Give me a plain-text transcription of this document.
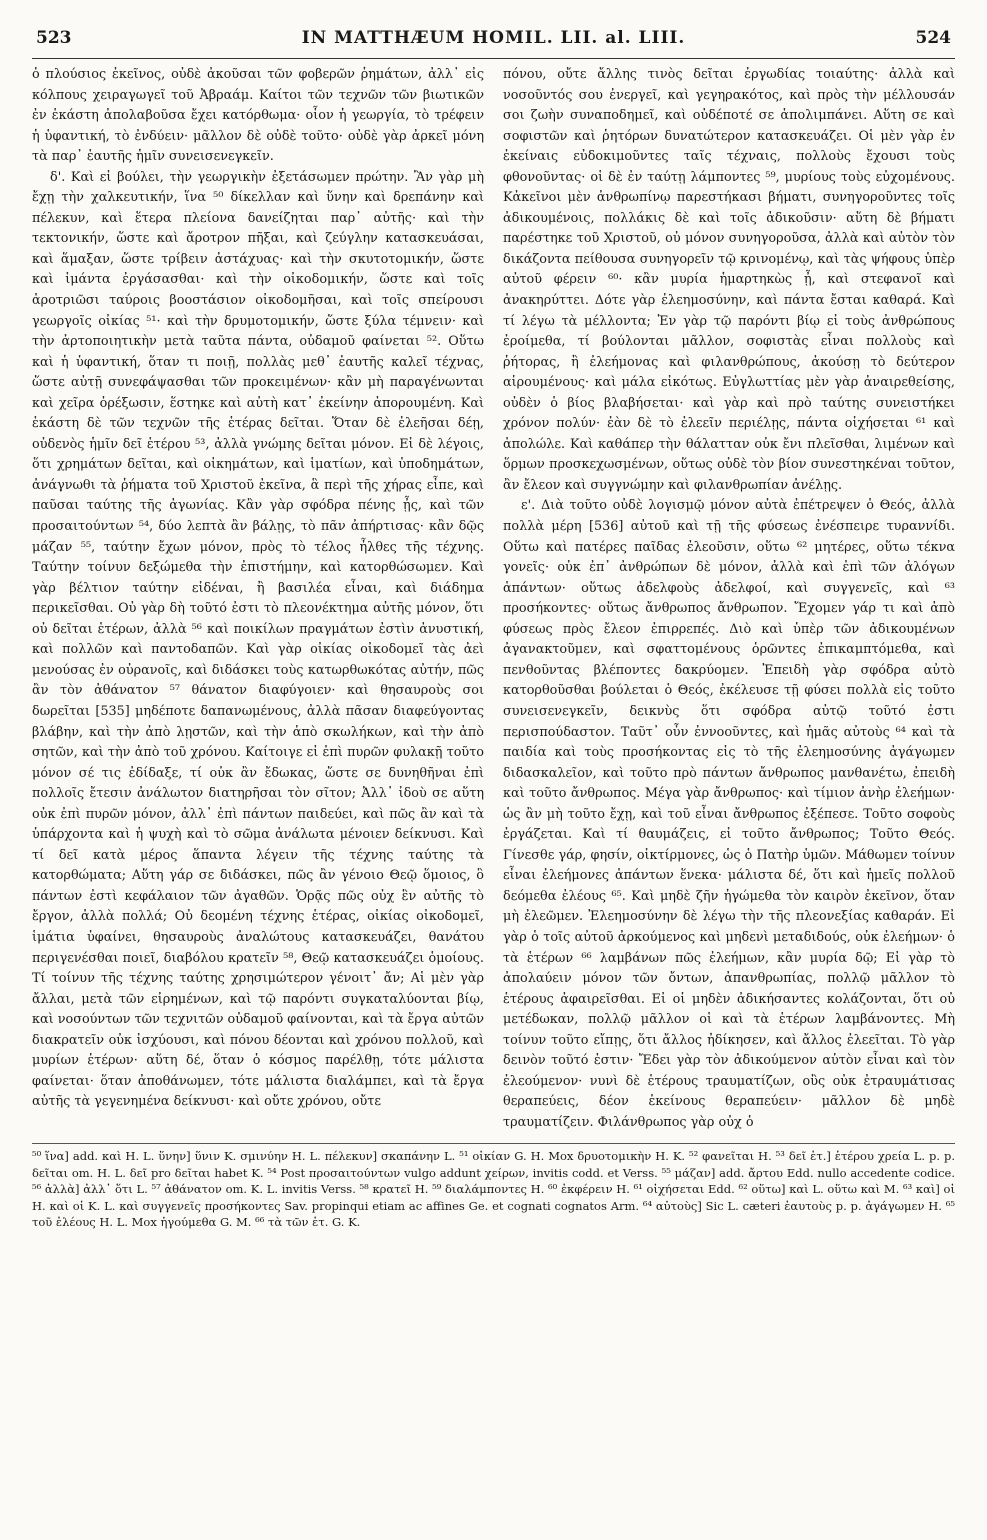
523	IN MATTHÆUM HOMIL. LII. al. LIII.	524

ὁ πλούσιος ἐκεῖνος, οὐδὲ ἀκοῦσαι τῶν φοβερῶν ῥημάτων, ἀλλ᾽ εἰς κόλπους χειραγωγεῖ τοῦ Ἀβραάμ. Καίτοι τῶν τεχνῶν τῶν βιωτικῶν ἐν ἑκάστη ἀπολαβοῦσα ἔχει κατόρθωμα· οἷον ἡ γεωργία, τὸ τρέφειν ἡ ὑφαντική, τὸ ἐνδύειν· μᾶλλον δὲ οὐδὲ τοῦτο· οὐδὲ γὰρ ἀρκεῖ μόνη τὰ παρ᾽ ἑαυτῆς ἡμῖν συνεισενεγκεῖν.

δ'. Καὶ εἰ βούλει, τὴν γεωργικὴν ἐξετάσωμεν πρώτην. Ἂν γὰρ μὴ ἔχῃ τὴν χαλκευτικήν, ἵνα ⁵⁰ δίκελλαν καὶ ὕνην καὶ δρεπάνην καὶ πέλεκυν, καὶ ἕτερα πλείονα δανείζηται παρ᾽ αὐτῆς· καὶ τὴν τεκτονικήν, ὥστε καὶ ἄροτρον πῆξαι, καὶ ζεύγλην κατασκευάσαι, καὶ ἅμαξαν, ὥστε τρίβειν ἀστάχυας· καὶ τὴν σκυτοτομικήν, ὥστε καὶ ἱμάντα ἐργάσασθαι· καὶ τὴν οἰκοδομικήν, ὥστε καὶ τοῖς ἀροτριῶσι ταύροις βοοστάσιον οἰκοδομῆσαι, καὶ τοῖς σπείρουσι γεωργοῖς οἰκίας ⁵¹· καὶ τὴν δρυμοτομικήν, ὥστε ξύλα τέμνειν· καὶ τὴν ἀρτοποιητικὴν μετὰ ταῦτα πάντα, οὐδαμοῦ φαίνεται ⁵². Οὕτω καὶ ἡ ὑφαντική, ὅταν τι ποιῇ, πολλὰς μεθ᾽ ἑαυτῆς καλεῖ τέχνας, ὥστε αὐτῇ συνεφάψασθαι τῶν προκειμένων· κἂν μὴ παραγένωνται καὶ χεῖρα ὀρέξωσιν, ἕστηκε καὶ αὐτὴ κατ᾽ ἐκείνην ἀπορουμένη. Καὶ ἑκάστη δὲ τῶν τεχνῶν τῆς ἑτέρας δεῖται. Ὅταν δὲ ἐλεῆσαι δέῃ, οὐδενὸς ἡμῖν δεῖ ἑτέρου ⁵³, ἀλλὰ γνώμης δεῖται μόνον. Εἰ δὲ λέγοις, ὅτι χρημάτων δεῖται, καὶ οἰκημάτων, καὶ ἱματίων, καὶ ὑποδημάτων, ἀνάγνωθι τὰ ῥήματα τοῦ Χριστοῦ ἐκεῖνα, ἃ περὶ τῆς χήρας εἶπε, καὶ παῦσαι ταύτης τῆς ἀγωνίας. Κἂν γὰρ σφόδρα πένης ᾖς, καὶ τῶν προσαιτούντων ⁵⁴, δύο λεπτὰ ἂν βάλῃς, τὸ πᾶν ἀπήρτισας· κἂν δῷς μάζαν ⁵⁵, ταύτην ἔχων μόνον, πρὸς τὸ τέλος ἦλθες τῆς τέχνης. Ταύτην τοίνυν δεξώμεθα τὴν ἐπιστήμην, καὶ κατορθώσωμεν. Καὶ γὰρ βέλτιον ταύτην εἰδέναι, ἢ βασιλέα εἶναι, καὶ διάδημα περικεῖσθαι. Οὐ γὰρ δὴ τοῦτό ἐστι τὸ πλεονέκτημα αὐτῆς μόνον, ὅτι οὐ δεῖται ἑτέρων, ἀλλὰ ⁵⁶ καὶ ποικίλων πραγμάτων ἐστὶν ἀνυστική, καὶ πολλῶν καὶ παντοδαπῶν. Καὶ γὰρ οἰκίας οἰκοδομεῖ τὰς ἀεὶ μενούσας ἐν οὐρανοῖς, καὶ διδάσκει τοὺς κατωρθωκότας αὐτήν, πῶς ἂν τὸν ἀθάνατον ⁵⁷ θάνατον διαφύγοιεν· καὶ θησαυροὺς σοι δωρεῖται [535] μηδέποτε δαπανωμένους, ἀλλὰ πᾶσαν διαφεύγοντας βλάβην, καὶ τὴν ἀπὸ λῃστῶν, καὶ τὴν ἀπὸ σκωλήκων, καὶ τὴν ἀπὸ σητῶν, καὶ τὴν ἀπὸ τοῦ χρόνου. Καίτοιγε εἰ ἐπὶ πυρῶν φυλακῇ τοῦτο μόνον σέ τις ἐδίδαξε, τί οὐκ ἂν ἔδωκας, ὥστε σε δυνηθῆναι ἐπὶ πολλοῖς ἔτεσιν ἀνάλωτον διατηρῆσαι τὸν σῖτον; Ἀλλ᾽ ἰδοὺ σε αὕτη οὐκ ἐπὶ πυρῶν μόνον, ἀλλ᾽ ἐπὶ πάντων παιδεύει, καὶ πῶς ἂν καὶ τὰ ὑπάρχοντα καὶ ἡ ψυχὴ καὶ τὸ σῶμα ἀνάλωτα μένοιεν δείκνυσι. Καὶ τί δεῖ κατὰ μέρος ἅπαντα λέγειν τῆς τέχνης ταύτης τὰ κατορθώματα; Αὕτη γάρ σε διδάσκει, πῶς ἂν γένοιο Θεῷ ὅμοιος, ὃ πάντων ἐστὶ κεφάλαιον τῶν ἀγαθῶν. Ὁρᾷς πῶς οὐχ ἓν αὐτῆς τὸ ἔργον, ἀλλὰ πολλά; Οὐ δεομένη τέχνης ἑτέρας, οἰκίας οἰκοδομεῖ, ἱμάτια ὑφαίνει, θησαυροὺς ἀναλώτους κατασκευάζει, θανάτου περιγενέσθαι ποιεῖ, διαβόλου κρατεῖν ⁵⁸, Θεῷ κατασκευάζει ὁμοίους. Τί τοίνυν τῆς τέχνης ταύτης χρησιμώτερον γένοιτ᾽ ἄν; Αἱ μὲν γὰρ ἄλλαι, μετὰ τῶν εἰρημένων, καὶ τῷ παρόντι συγκαταλύονται βίῳ, καὶ νοσούντων τῶν τεχνιτῶν οὐδαμοῦ φαίνονται, καὶ τὰ ἔργα αὐτῶν διακρατεῖν οὐκ ἰσχύουσι, καὶ πόνου δέονται καὶ χρόνου πολλοῦ, καὶ μυρίων ἑτέρων· αὕτη δέ, ὅταν ὁ κόσμος παρέλθῃ, τότε μάλιστα φαίνεται· ὅταν ἀποθάνωμεν, τότε μάλιστα διαλάμπει, καὶ τὰ ἔργα αὐτῆς τὰ γεγενημένα δείκνυσι· καὶ οὔτε χρόνου, οὔτε

πόνου, οὔτε ἄλλης τινὸς δεῖται ἐργωδίας τοιαύτης· ἀλλὰ καὶ νοσοῦντός σου ἐνεργεῖ, καὶ γεγηρακότος, καὶ πρὸς τὴν μέλλουσάν σοι ζωὴν συναποδημεῖ, καὶ οὐδέποτέ σε ἀπολιμπάνει. Αὕτη σε καὶ σοφιστῶν καὶ ῥητόρων δυνατώτερον κατασκευάζει. Οἱ μὲν γὰρ ἐν ἐκείναις εὐδοκιμοῦντες ταῖς τέχναις, πολλοὺς ἔχουσι τοὺς φθονοῦντας· οἱ δὲ ἐν ταύτῃ λάμποντες ⁵⁹, μυρίους τοὺς εὐχομένους. Κἀκεῖνοι μὲν ἀνθρωπίνῳ παρεστήκασι βήματι, συνηγοροῦντες τοῖς ἀδικουμένοις, πολλάκις δὲ καὶ τοῖς ἀδικοῦσιν· αὕτη δὲ βήματι παρέστηκε τοῦ Χριστοῦ, οὐ μόνον συνηγοροῦσα, ἀλλὰ καὶ αὐτὸν τὸν δικάζοντα πείθουσα συνηγορεῖν τῷ κρινομένῳ, καὶ τὰς ψήφους ὑπὲρ αὐτοῦ φέρειν ⁶⁰· κἂν μυρία ἡμαρτηκὼς ᾖ, καὶ στεφανοῖ καὶ ἀνακηρύττει. Δότε γὰρ ἐλεημοσύνην, καὶ πάντα ἔσται καθαρά. Καὶ τί λέγω τὰ μέλλοντα; Ἐν γὰρ τῷ παρόντι βίῳ εἰ τοὺς ἀνθρώπους ἐροίμεθα, τί βούλονται μᾶλλον, σοφιστὰς εἶναι πολλοὺς καὶ ῥήτορας, ἢ ἐλεήμονας καὶ φιλανθρώπους, ἀκούσῃ τὸ δεύτερον αἱρουμένους· καὶ μάλα εἰκότως. Εὐγλωττίας μὲν γὰρ ἀναιρεθείσης, οὐδὲν ὁ βίος βλαβήσεται· καὶ γὰρ καὶ πρὸ ταύτης συνειστήκει χρόνον πολύν· ἐὰν δὲ τὸ ἐλεεῖν περιέλῃς, πάντα οἰχήσεται ⁶¹ καὶ ἀπολώλε. Καὶ καθάπερ τὴν θάλατταν οὐκ ἔνι πλεῖσθαι, λιμένων καὶ ὅρμων προσκεχωσμένων, οὕτως οὐδὲ τὸν βίον συνεστηκέναι τοῦτον, ἂν ἔλεον καὶ συγγνώμην καὶ φιλανθρωπίαν ἀνέλῃς.

ε'. Διὰ τοῦτο οὐδὲ λογισμῷ μόνον αὐτὰ ἐπέτρεψεν ὁ Θεός, ἀλλὰ πολλὰ μέρη [536] αὐτοῦ καὶ τῇ τῆς φύσεως ἐνέσπειρε τυραννίδι. Οὕτω καὶ πατέρες παῖδας ἐλεοῦσιν, οὕτω ⁶² μητέρες, οὕτω τέκνα γονεῖς· οὐκ ἐπ᾽ ἀνθρώπων δὲ μόνον, ἀλλὰ καὶ ἐπὶ τῶν ἀλόγων ἁπάντων· οὕτως ἀδελφοὺς ἀδελφοί, καὶ συγγενεῖς, καὶ ⁶³ προσήκοντες· οὕτως ἄνθρωπος ἄνθρωπον. Ἔχομεν γάρ τι καὶ ἀπὸ φύσεως πρὸς ἔλεον ἐπιρρεπές. Διὸ καὶ ὑπὲρ τῶν ἀδικουμένων ἀγανακτοῦμεν, καὶ σφαττομένους ὁρῶντες ἐπικαμπτόμεθα, καὶ πενθοῦντας βλέποντες δακρύομεν. Ἐπειδὴ γὰρ σφόδρα αὐτὸ κατορθοῦσθαι βούλεται ὁ Θεός, ἐκέλευσε τῇ φύσει πολλὰ εἰς τοῦτο συνεισενεγκεῖν, δεικνὺς ὅτι σφόδρα αὐτῷ τοῦτό ἐστι περισπούδαστον. Ταῦτ᾽ οὖν ἐννοοῦντες, καὶ ἡμᾶς αὐτοὺς ⁶⁴ καὶ τὰ παιδία καὶ τοὺς προσήκοντας εἰς τὸ τῆς ἐλεημοσύνης ἀγάγωμεν διδασκαλεῖον, καὶ τοῦτο πρὸ πάντων ἄνθρωπος μανθανέτω, ἐπειδὴ καὶ τοῦτο ἄνθρωπος. Μέγα γὰρ ἄνθρωπος· καὶ τίμιον ἀνὴρ ἐλεήμων· ὡς ἂν μὴ τοῦτο ἔχῃ, καὶ τοῦ εἶναι ἄνθρωπος ἐξέπεσε. Τοῦτο σοφοὺς ἐργάζεται. Καὶ τί θαυμάζεις, εἰ τοῦτο ἄνθρωπος; Τοῦτο Θεός. Γίνεσθε γάρ, φησίν, οἰκτίρμονες, ὡς ὁ Πατὴρ ὑμῶν. Μάθωμεν τοίνυν εἶναι ἐλεήμονες ἁπάντων ἕνεκα· μάλιστα δέ, ὅτι καὶ ἡμεῖς πολλοῦ δεόμεθα ἐλέους ⁶⁵. Καὶ μηδὲ ζῆν ἡγώμεθα τὸν καιρὸν ἐκεῖνον, ὅταν μὴ ἐλεῶμεν. Ἐλεημοσύνην δὲ λέγω τὴν τῆς πλεονεξίας καθαράν. Εἰ γὰρ ὁ τοῖς αὐτοῦ ἀρκούμενος καὶ μηδενὶ μεταδιδούς, οὐκ ἐλεήμων· ὁ τὰ ἑτέρων ⁶⁶ λαμβάνων πῶς ἐλεήμων, κἂν μυρία δῷ; Εἰ γὰρ τὸ ἀπολαύειν μόνον τῶν ὄντων, ἀπανθρωπίας, πολλῷ μᾶλλον τὸ ἑτέρους ἀφαιρεῖσθαι. Εἰ οἱ μηδὲν ἀδικήσαντες κολάζονται, ὅτι οὐ μετέδωκαν, πολλῷ μᾶλλον οἱ καὶ τὰ ἑτέρων λαμβάνοντες. Μὴ τοίνυν τοῦτο εἴπῃς, ὅτι ἄλλος ἠδίκησεν, καὶ ἄλλος ἐλεεῖται. Τὸ γὰρ δεινὸν τοῦτό ἐστιν· Ἔδει γὰρ τὸν ἀδικούμενον αὐτὸν εἶναι καὶ τὸν ἐλεούμενον· νυνὶ δὲ ἑτέρους τραυματίζων, οὓς οὐκ ἐτραυμάτισας θεραπεύεις, δέον ἐκείνους θεραπεύειν· μᾶλλον δὲ μηδὲ τραυματίζειν. Φιλάνθρωπος γὰρ οὐχ ὁ

⁵⁰ ἵνα] add. καὶ H. L. ὕνην] ὕνιν K. σμινύην H. L. πέλεκυν] σκαπάνην L. ⁵¹ οἰκίαν G. H. Mox δρυοτομικὴν H. K. ⁵² φανεῖται H. ⁵³ δεῖ ἑτ.] ἑτέρου χρεία L. p. p. δεῖται om. H. L. δεῖ pro δεῖται habet K. ⁵⁴ Post προσαιτούντων vulgo addunt χείρων, invitis codd. et Verss. ⁵⁵ μάζαν] add. ἄρτου Edd. nullo accedente codice. ⁵⁶ ἀλλὰ] ἀλλ᾽ ὅτι L. ⁵⁷ ἀθάνατον om. K. L. invitis Verss. ⁵⁸ κρατεῖ H. ⁵⁹ διαλάμποντες H. ⁶⁰ ἐκφέρειν H. ⁶¹ οἰχήσεται Edd. ⁶² οὕτω] καὶ L. οὕτω καὶ M. ⁶³ καὶ] οἱ H. καὶ οἱ K. L. καὶ συγγενεῖς προσήκοντες Sav. propinqui etiam ac affines Ge. et cognati cognatos Arm. ⁶⁴ αὐτοὺς] Sic L. cæteri ἑαυτοὺς p. p. ἀγάγωμεν H. ⁶⁵ τοῦ ἐλέους H. L. Mox ἡγούμεθα G. M. ⁶⁶ τὰ τῶν ἑτ. G. K.
